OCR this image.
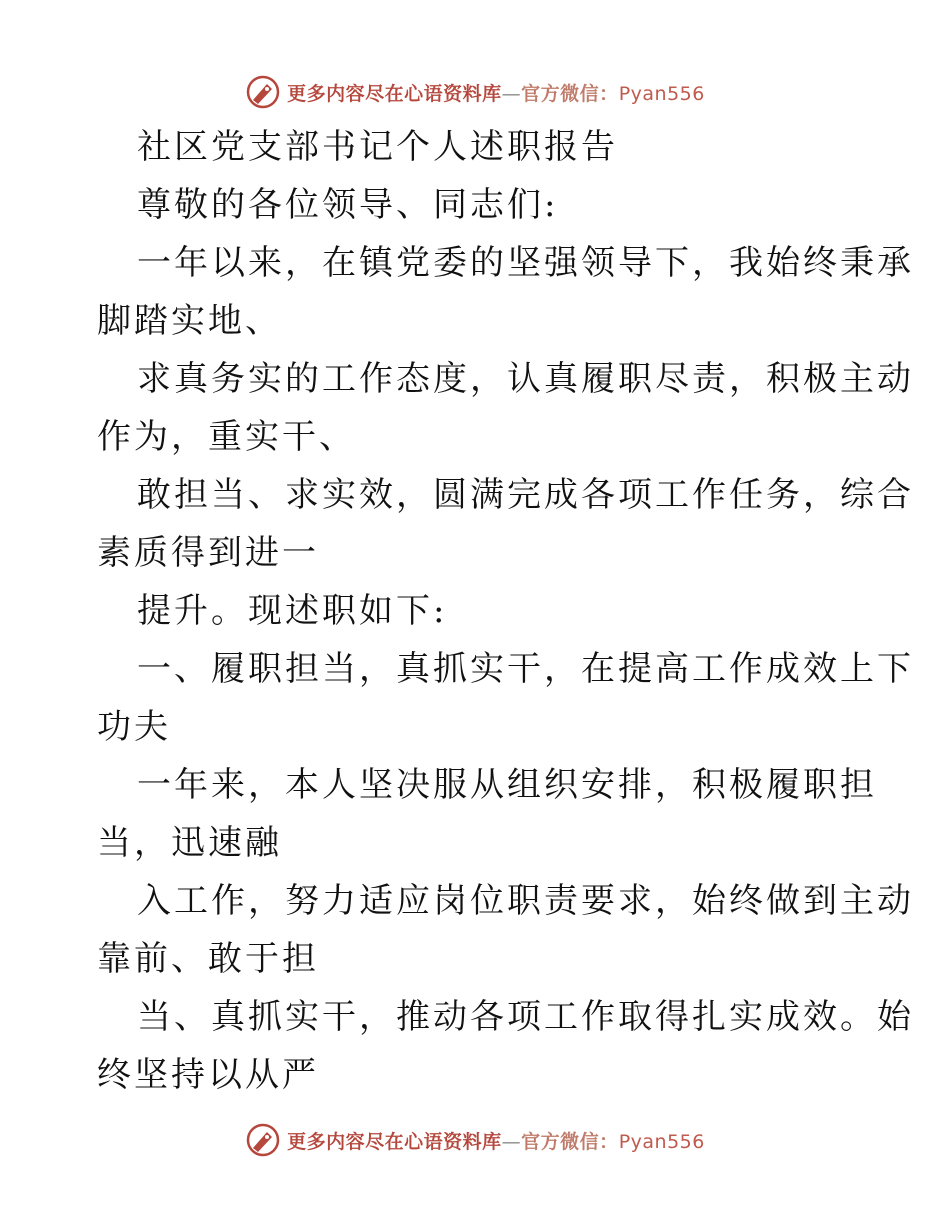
更多内容尽在心语资料库—官方微信：Pyan556
社区党支部书记个人述职报告
尊敬的各位领导、同志们:
一年以来，在镇党委的坚强领导下，我始终秉承
脚踏实地、
求真务实的工作态度，认真履职尽责，积极主动
作为，重实干、
敢担当、求实效，圆满完成各项工作任务，综合
素质得到进一
提升。现述职如下:
一、履职担当，真抓实干，在提高工作成效上下
功夫
一年来，本人坚决服从组织安排，积极履职担
当，迅速融
入工作，努力适应岗位职责要求，始终做到主动
靠前、敢于担
当、真抓实干，推动各项工作取得扎实成效。始
终坚持以从严
更多内容尽在心语资料库—官方微信：Pyan556
